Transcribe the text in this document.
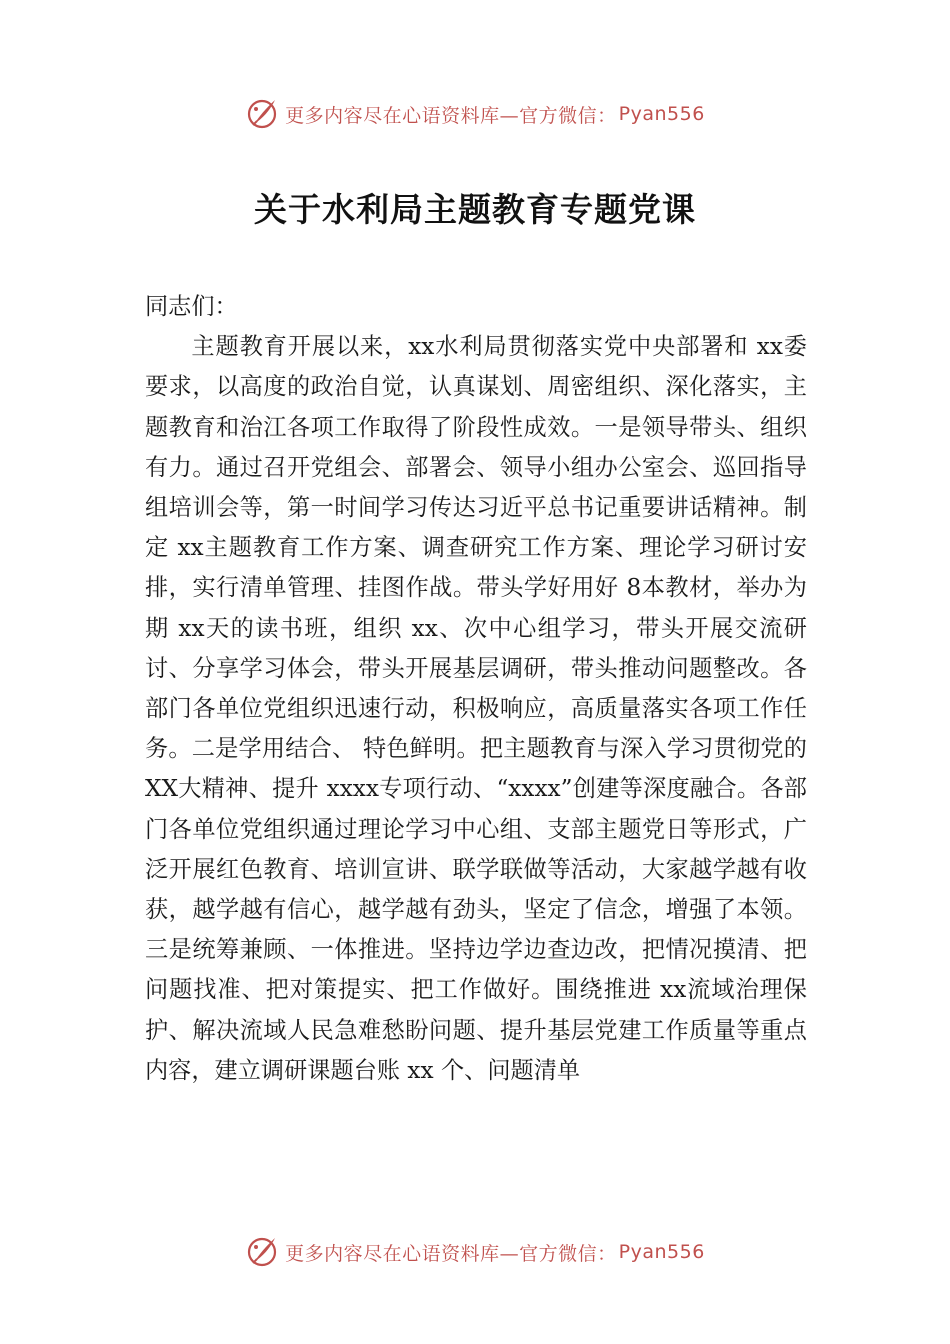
更多内容尽在心语资料库—官方微信： Pyan556
关于水利局主题教育专题党课

同志们：

主题教育开展以来，xx水利局贯彻落实党中央部署和 xx委要求，以高度的政治自觉，认真谋划、周密组织、深化落实，主题教育和治江各项工作取得了阶段性成效。一是领导带头、组织有力。通过召开党组会、部署会、领导小组办公室会、巡回指导组培训会等，第一时间学习传达习近平总书记重要讲话精神。制定 xx主题教育工作方案、调查研究工作方案、理论学习研讨安排，实行清单管理、挂图作战。带头学好用好 8本教材，举办为期 xx天的读书班，组织 xx、次中心组学习，带头开展交流研讨、分享学习体会，带头开展基层调研，带头推动问题整改。各部门各单位党组织迅速行动，积极响应，高质量落实各项工作任务。二是学用结合、 特色鲜明。把主题教育与深入学习贯彻党的 XX大精神、提升 xxxx专项行动、“xxxx”创建等深度融合。各部门各单位党组织通过理论学习中心组、支部主题党日等形式，广泛开展红色教育、培训宣讲、联学联做等活动，大家越学越有收获，越学越有信心，越学越有劲头，坚定了信念，增强了本领。三是统筹兼顾、一体推进。坚持边学边查边改，把情况摸清、把问题找准、把对策提实、把工作做好。围绕推进 xx流域治理保护、解决流域人民急难愁盼问题、提升基层党建工作质量等重点内容，建立调研课题台账 xx 个、问题清单

更多内容尽在心语资料库—官方微信： Pyan556
